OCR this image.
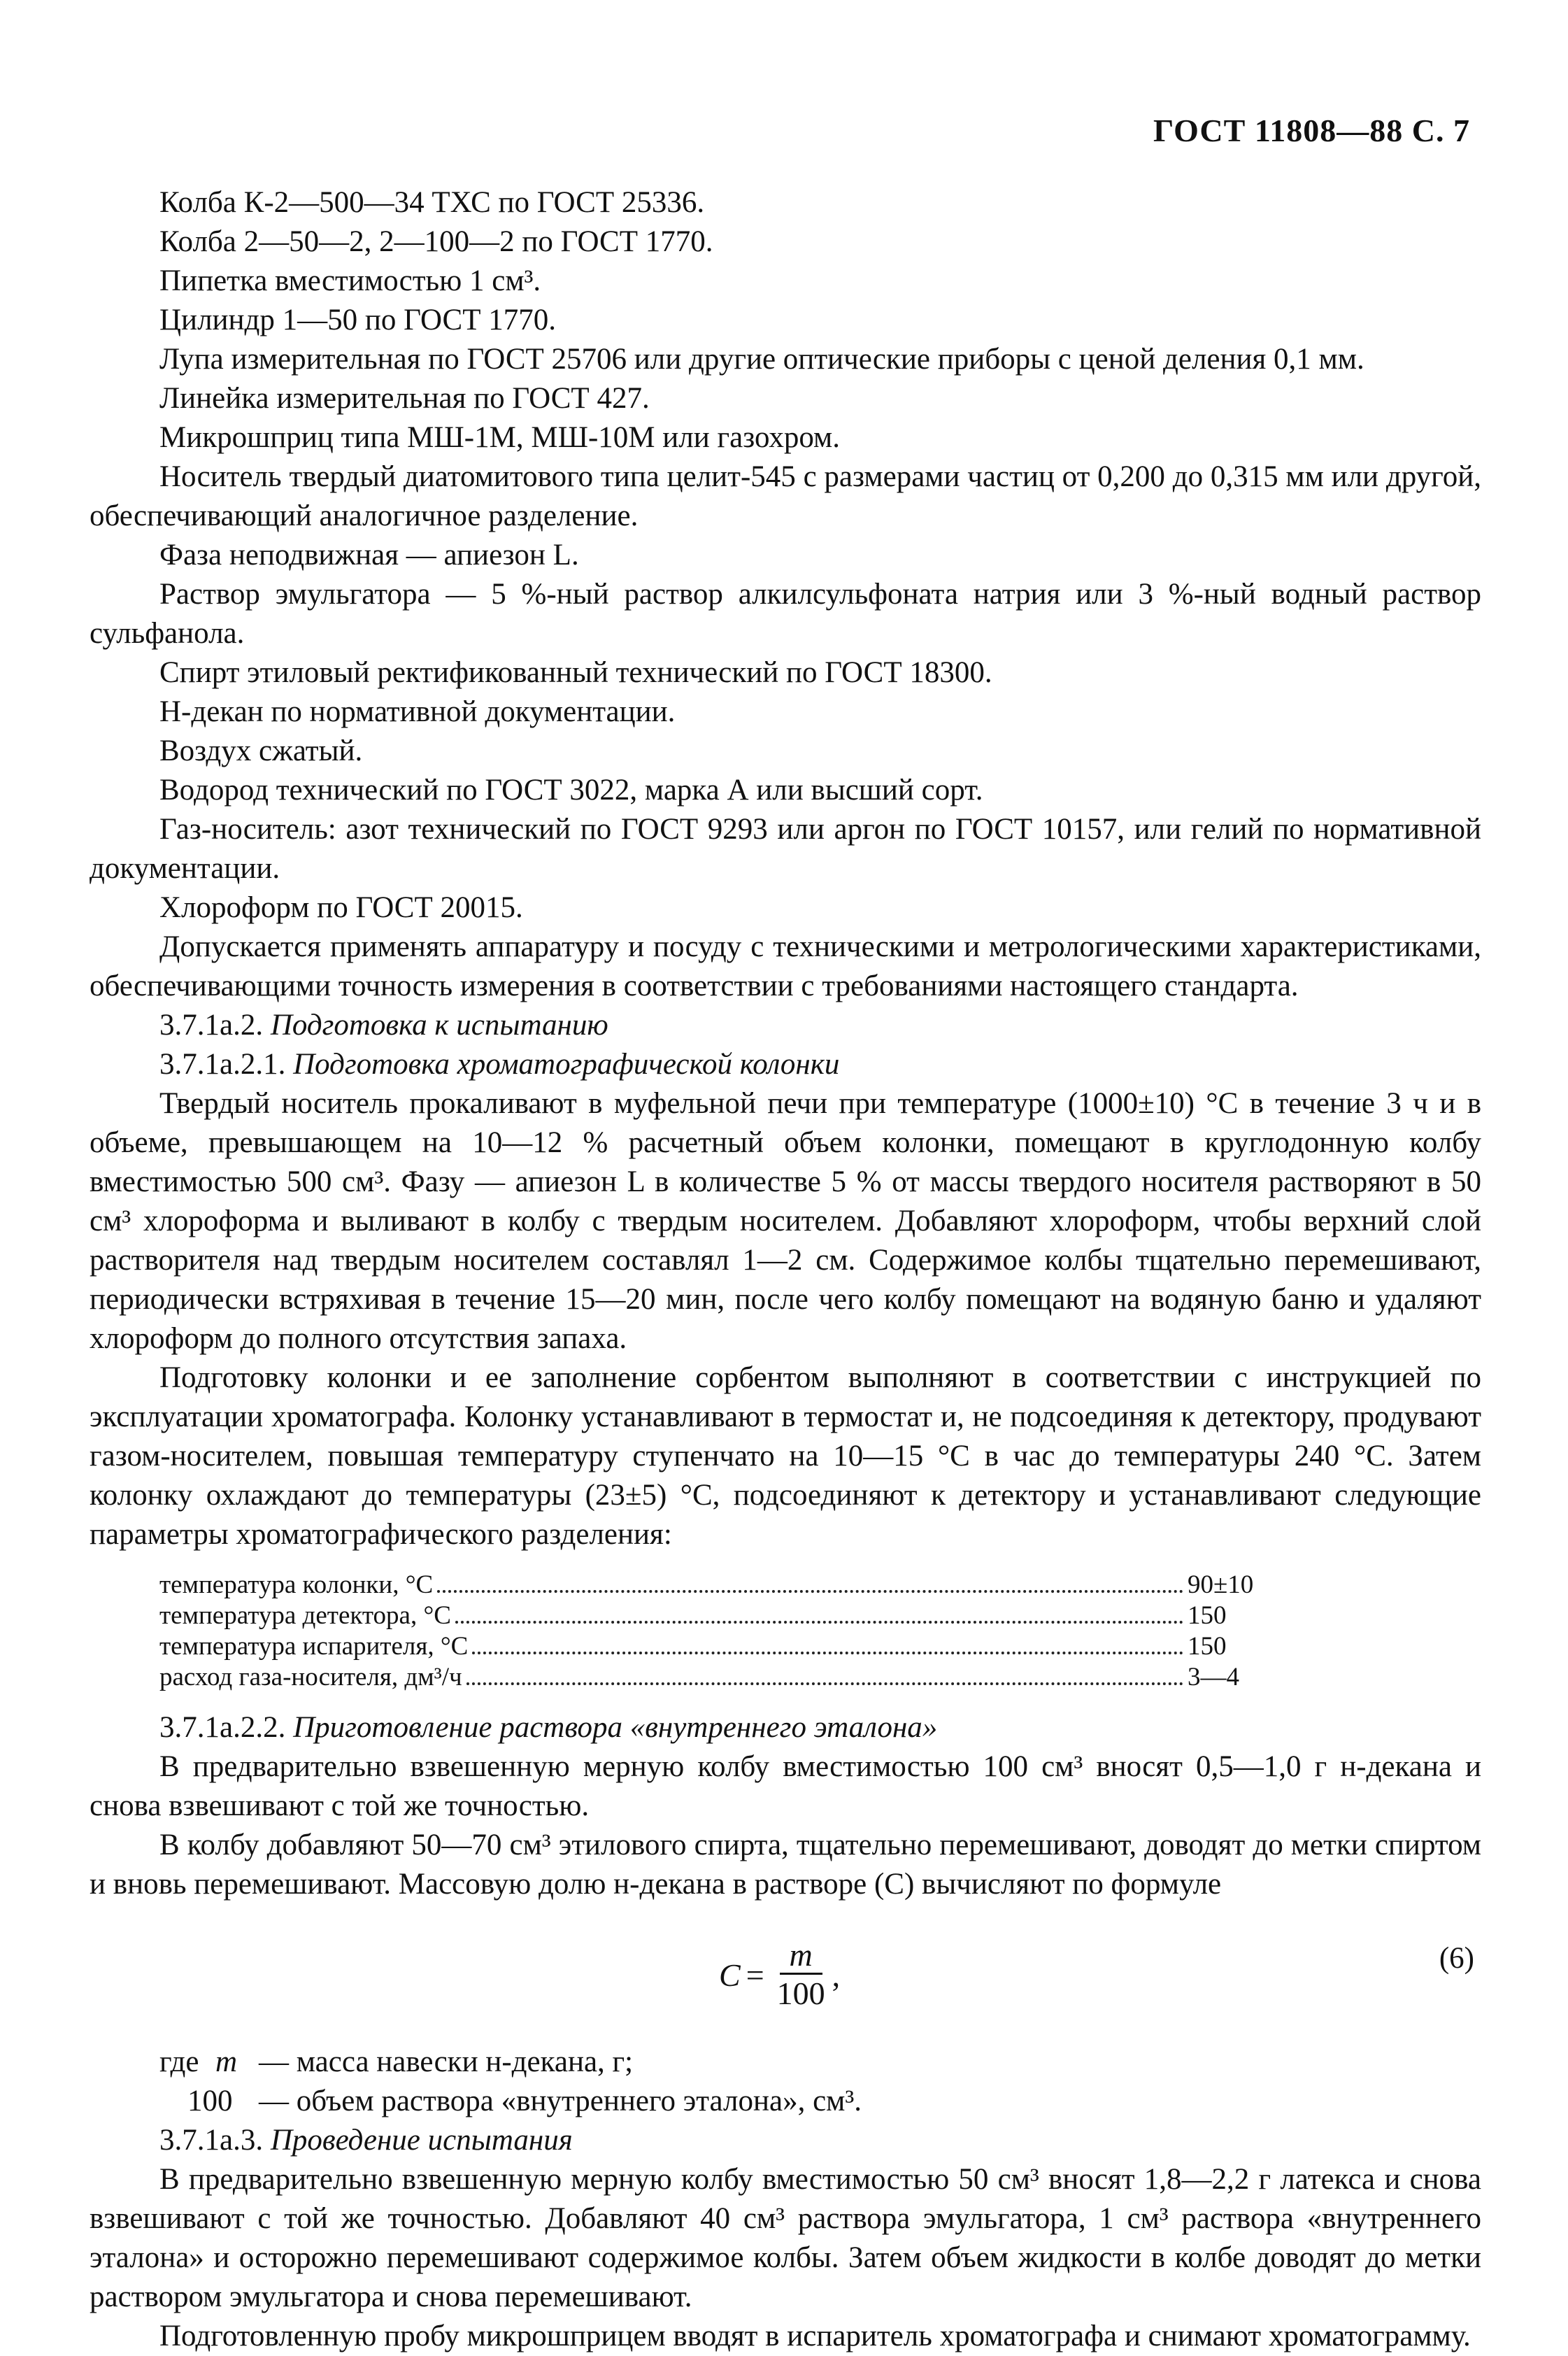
ГОСТ 11808—88 С. 7

Колба К-2—500—34 ТХС по ГОСТ 25336.

Колба 2—50—2, 2—100—2 по ГОСТ 1770.

Пипетка вместимостью 1 см³.

Цилиндр 1—50 по ГОСТ 1770.

Лупа измерительная по ГОСТ 25706 или другие оптические приборы с ценой деления 0,1 мм.

Линейка измерительная по ГОСТ 427.

Микрошприц типа МШ-1М, МШ-10М или газохром.

Носитель твердый диатомитового типа целит-545 с размерами частиц от 0,200 до 0,315 мм или другой, обеспечивающий аналогичное разделение.

Фаза неподвижная — апиезон L.

Раствор эмульгатора — 5 %-ный раствор алкилсульфоната натрия или 3 %-ный водный раствор сульфанола.

Спирт этиловый ректификованный технический по ГОСТ 18300.

Н-декан по нормативной документации.

Воздух сжатый.

Водород технический по ГОСТ 3022, марка А или высший сорт.

Газ-носитель: азот технический по ГОСТ 9293 или аргон по ГОСТ 10157, или гелий по нормативной документации.

Хлороформ по ГОСТ 20015.

Допускается применять аппаратуру и посуду с техническими и метрологическими характеристиками, обеспечивающими точность измерения в соответствии с требованиями настоящего стандарта.

3.7.1а.2. Подготовка к испытанию

3.7.1а.2.1. Подготовка хроматографической колонки

Твердый носитель прокаливают в муфельной печи при температуре (1000±10) °С в течение 3 ч и в объеме, превышающем на 10—12 % расчетный объем колонки, помещают в круглодонную колбу вместимостью 500 см³. Фазу — апиезон L в количестве 5 % от массы твердого носителя растворяют в 50 см³ хлороформа и выливают в колбу с твердым носителем. Добавляют хлороформ, чтобы верхний слой растворителя над твердым носителем составлял 1—2 см. Содержимое колбы тщательно перемешивают, периодически встряхивая в течение 15—20 мин, после чего колбу помещают на водяную баню и удаляют хлороформ до полного отсутствия запаха.

Подготовку колонки и ее заполнение сорбентом выполняют в соответствии с инструкцией по эксплуатации хроматографа. Колонку устанавливают в термостат и, не подсоединяя к детектору, продувают газом-носителем, повышая температуру ступенчато на 10—15 °С в час до температуры 240 °С. Затем колонку охлаждают до температуры (23±5) °С, подсоединяют к детектору и устанавливают следующие параметры хроматографического разделения:

температура колонки, °С	90±10
температура детектора, °С	150
температура испарителя, °С	150
расход газа-носителя, дм³/ч	3—4

3.7.1а.2.2. Приготовление раствора «внутреннего эталона»

В предварительно взвешенную мерную колбу вместимостью 100 см³ вносят 0,5—1,0 г н-декана и снова взвешивают с той же точностью.

В колбу добавляют 50—70 см³ этилового спирта, тщательно перемешивают, доводят до метки спиртом и вновь перемешивают. Массовую долю н-декана в растворе (С) вычисляют по формуле

$C = \frac{m}{100}$ ,	(6)
где m — масса навески н-декана, г;
100 — объем раствора «внутреннего эталона», см³.

3.7.1а.3. Проведение испытания

В предварительно взвешенную мерную колбу вместимостью 50 см³ вносят 1,8—2,2 г латекса и снова взвешивают с той же точностью. Добавляют 40 см³ раствора эмульгатора, 1 см³ раствора «внутреннего эталона» и осторожно перемешивают содержимое колбы. Затем объем жидкости в колбе доводят до метки раствором эмульгатора и снова перемешивают.

Подготовленную пробу микрошприцем вводят в испаритель хроматографа и снимают хроматограмму.
